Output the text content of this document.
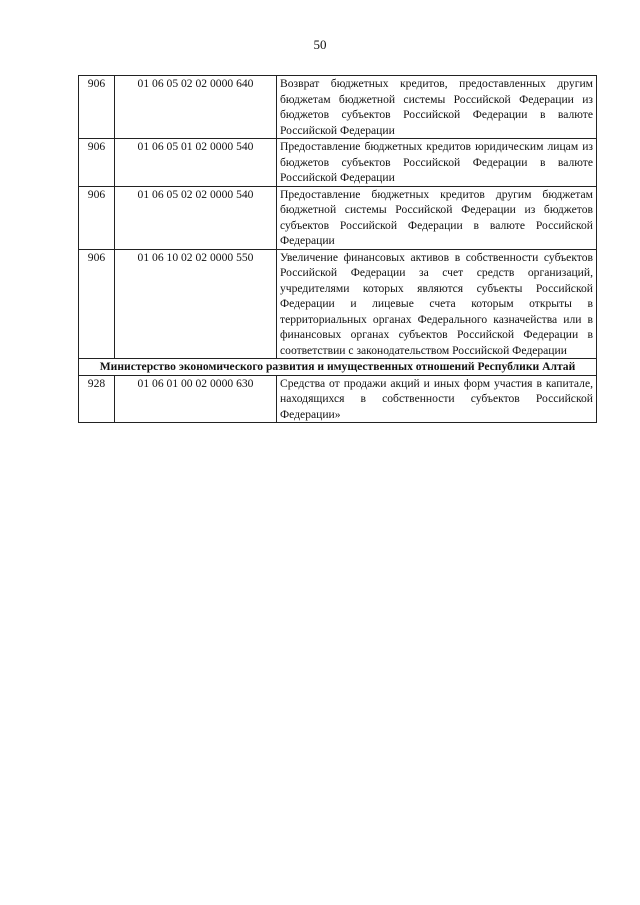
50
906	01 06 05 02 02 0000 640	Возврат бюджетных кредитов, предоставленных другим бюджетам бюджетной системы Российской Федерации из бюджетов субъектов Российской Федерации в валюте Российской Федерации
906	01 06 05 01 02 0000 540	Предоставление бюджетных кредитов юридическим лицам из бюджетов субъектов Российской Федерации в валюте Российской Федерации
906	01 06 05 02 02 0000 540	Предоставление бюджетных кредитов другим бюджетам бюджетной системы Российской Федерации из бюджетов субъектов Российской Федерации в валюте Российской Федерации
906	01 06 10 02 02 0000 550	Увеличение финансовых активов в собственности субъектов Российской Федерации за счет средств организаций, учредителями которых являются субъекты Российской Федерации и лицевые счета которым открыты в территориальных органах Федерального казначейства или в финансовых органах субъектов Российской Федерации в соответствии с законодательством Российской Федерации
Министерство экономического развития и имущественных отношений Республики Алтай		
928	01 06 01 00 02 0000 630	Средства от продажи акций и иных форм участия в капитале, находящихся в собственности субъектов Российской Федерации»
